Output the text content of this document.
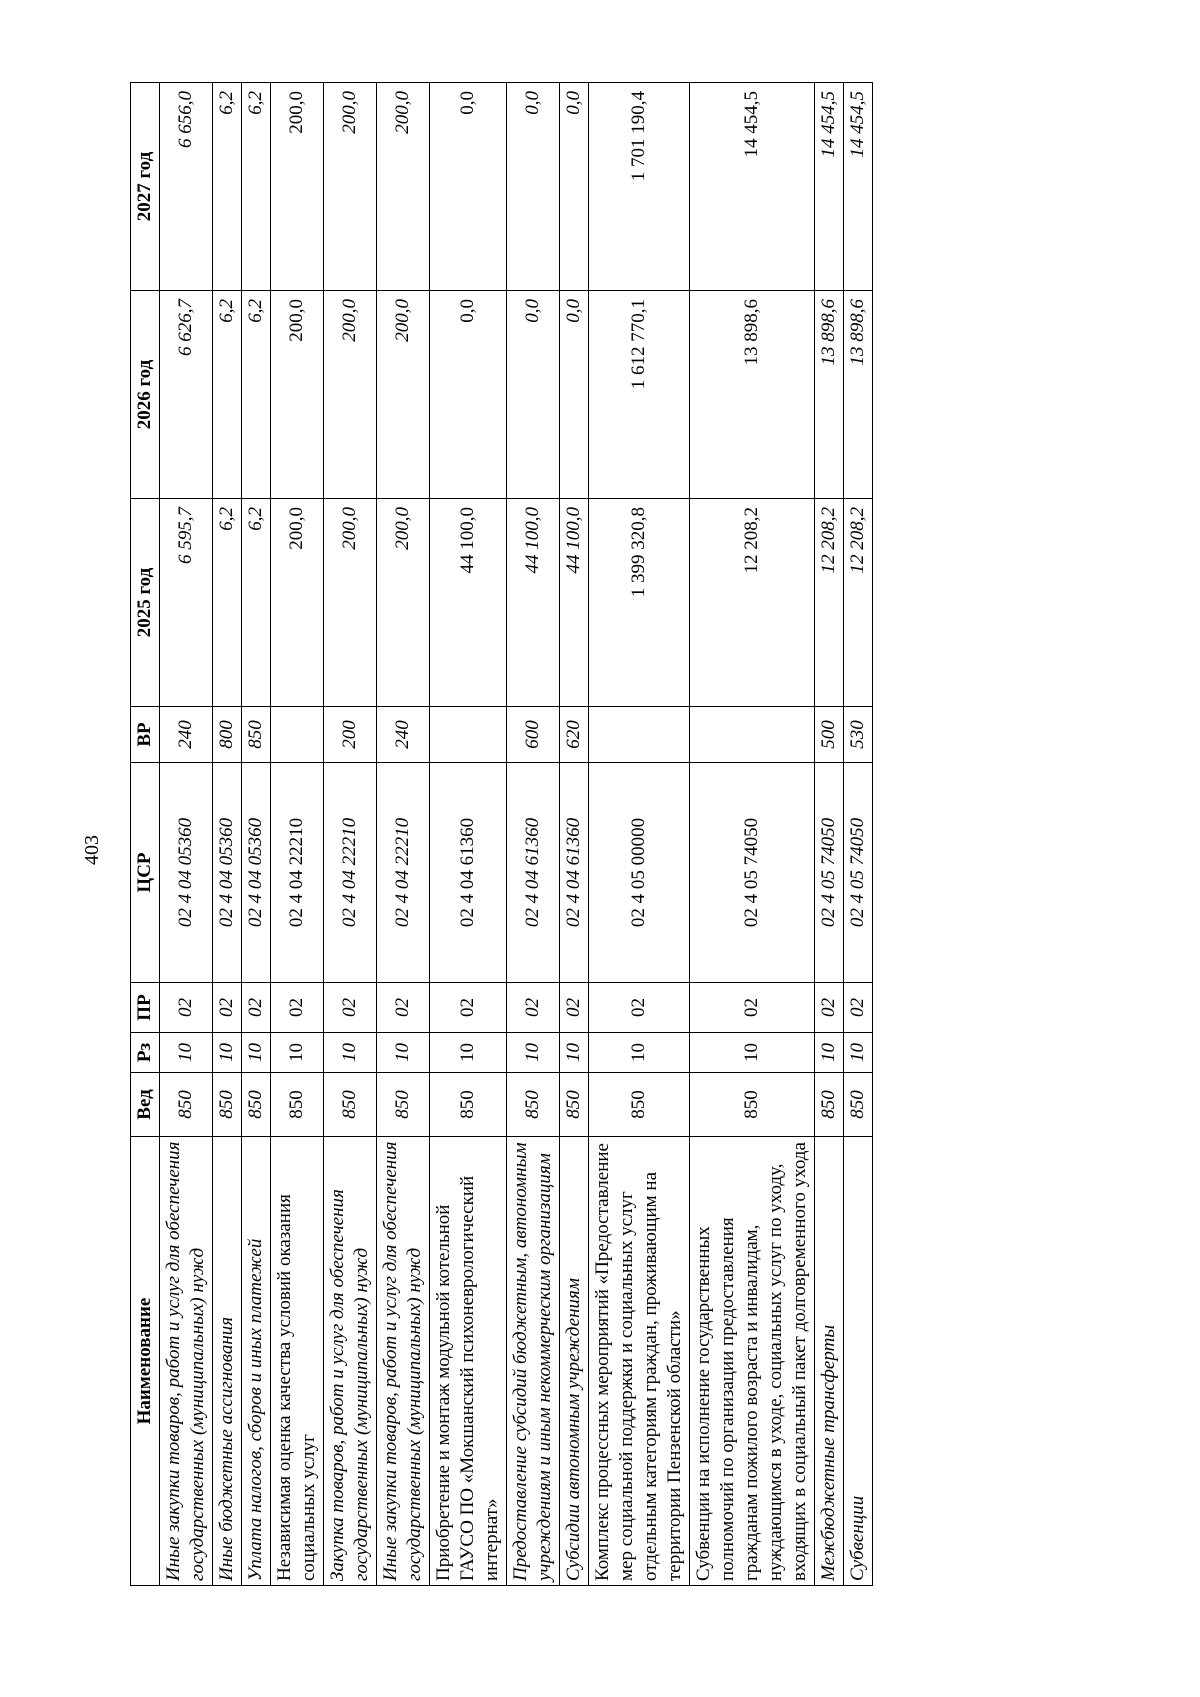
403
Наименование	Вед	Рз	ПР	ЦСР	ВР	2025 год	2026 год	2027 год
Иные закупки товаров, работ и услуг для обеспечения государственных (муниципальных) нужд	850	10	02	02 4 04 05360	240	6 595,7	6 626,7	6 656,0
Иные бюджетные ассигнования	850	10	02	02 4 04 05360	800	6,2	6,2	6,2
Уплата налогов, сборов и иных платежей	850	10	02	02 4 04 05360	850	6,2	6,2	6,2
Независимая оценка качества условий оказания социальных услуг	850	10	02	02 4 04 22210		200,0	200,0	200,0
Закупка товаров, работ и услуг для обеспечения государственных (муниципальных) нужд	850	10	02	02 4 04 22210	200	200,0	200,0	200,0
Иные закупки товаров, работ и услуг для обеспечения государственных (муниципальных) нужд	850	10	02	02 4 04 22210	240	200,0	200,0	200,0
Приобретение и монтаж модульной котельной ГАУСО ПО «Мокшанский психоневрологический интернат»	850	10	02	02 4 04 61360		44 100,0	0,0	0,0
Предоставление субсидий бюджетным, автономным учреждениям и иным некоммерческим организациям	850	10	02	02 4 04 61360	600	44 100,0	0,0	0,0
Субсидии автономным учреждениям	850	10	02	02 4 04 61360	620	44 100,0	0,0	0,0
Комплекс процессных мероприятий «Предоставление мер социальной поддержки и социальных услуг отдельным категориям граждан, проживающим на территории Пензенской области»	850	10	02	02 4 05 00000		1 399 320,8	1 612 770,1	1 701 190,4
Субвенции на исполнение государственных полномочий по организации предоставления гражданам пожилого возраста и инвалидам, нуждающимся в уходе, социальных услуг по уходу, входящих в социальный пакет долговременного ухода	850	10	02	02 4 05 74050		12 208,2	13 898,6	14 454,5
Межбюджетные трансферты	850	10	02	02 4 05 74050	500	12 208,2	13 898,6	14 454,5
Субвенции	850	10	02	02 4 05 74050	530	12 208,2	13 898,6	14 454,5
